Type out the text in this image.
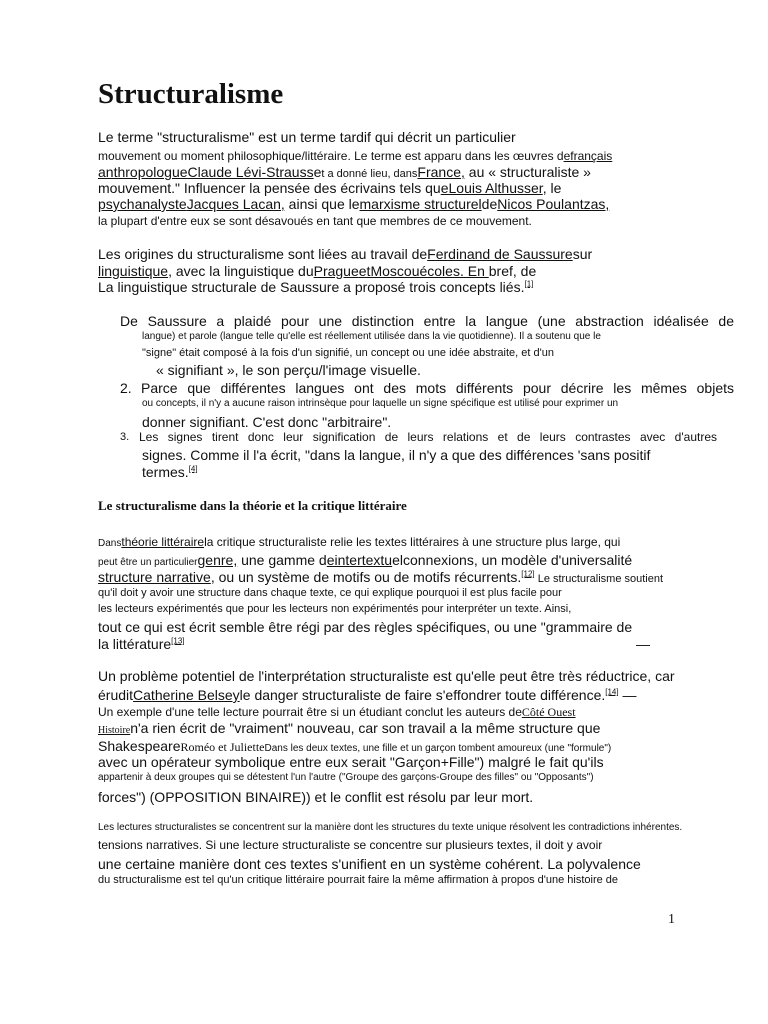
Structuralisme

Le terme "structuralisme" est un terme tardif qui décrit un particulier

mouvement ou moment philosophique/littéraire. Le terme est apparu dans les œuvres defrançais

anthropologueClaude Lévi-Strausset a donné lieu, dansFrance, au « structuraliste »

mouvement." Influencer la pensée des écrivains tels queLouis Althusser, le

psychanalysteJacques Lacan, ainsi que lemarxisme structureldeNicos Poulantzas,

la plupart d'entre eux se sont désavoués en tant que membres de ce mouvement.

Les origines du structuralisme sont liées au travail deFerdinand de Saussuresur

linguistique, avec la linguistique duPragueetMoscouécoles. En bref, de

La linguistique structurale de Saussure a proposé trois concepts liés.[1]

De Saussure a plaidé pour une distinction entre la langue (une abstraction idéalisée de

langue) et parole (langue telle qu'elle est réellement utilisée dans la vie quotidienne). Il a soutenu que le

"signe" était composé à la fois d'un signifié, un concept ou une idée abstraite, et d'un

« signifiant », le son perçu/l'image visuelle.

2. Parce que différentes langues ont des mots différents pour décrire les mêmes objets

ou concepts, il n'y a aucune raison intrinsèque pour laquelle un signe spécifique est utilisé pour exprimer un

donner signifiant. C'est donc "arbitraire".

3. Les signes tirent donc leur signification de leurs relations et de leurs contrastes avec d'autres

signes. Comme il l'a écrit, "dans la langue, il n'y a que des différences 'sans positif

termes.[4]

Le structuralisme dans la théorie et la critique littéraire

Dansthéorie littérairela critique structuraliste relie les textes littéraires à une structure plus large, qui

peut être un particuliergenre, une gamme deintertextuelconnexions, un modèle d'universalité

structure narrative, ou un système de motifs ou de motifs récurrents.[12] Le structuralisme soutient

qu'il doit y avoir une structure dans chaque texte, ce qui explique pourquoi il est plus facile pour

les lecteurs expérimentés que pour les lecteurs non expérimentés pour interpréter un texte. Ainsi,

tout ce qui est écrit semble être régi par des règles spécifiques, ou une "grammaire de

la littérature[13]	—

Un problème potentiel de l'interprétation structuraliste est qu'elle peut être très réductrice, car

éruditCatherine Belseyle danger structuraliste de faire s'effondrer toute différence.[14] —

Un exemple d'une telle lecture pourrait être si un étudiant conclut les auteurs deCôté Ouest

Histoiren'a rien écrit de "vraiment" nouveau, car son travail a la même structure que

ShakespeareRoméo et JulietteDans les deux textes, une fille et un garçon tombent amoureux (une "formule")

avec un opérateur symbolique entre eux serait "Garçon+Fille") malgré le fait qu'ils

appartenir à deux groupes qui se détestent l'un l'autre ("Groupe des garçons-Groupe des filles" ou "Opposants")

forces") (OPPOSITION BINAIRE)) et le conflit est résolu par leur mort.

Les lectures structuralistes se concentrent sur la manière dont les structures du texte unique résolvent les contradictions inhérentes.

tensions narratives. Si une lecture structuraliste se concentre sur plusieurs textes, il doit y avoir

une certaine manière dont ces textes s'unifient en un système cohérent. La polyvalence

du structuralisme est tel qu'un critique littéraire pourrait faire la même affirmation à propos d'une histoire de

1
